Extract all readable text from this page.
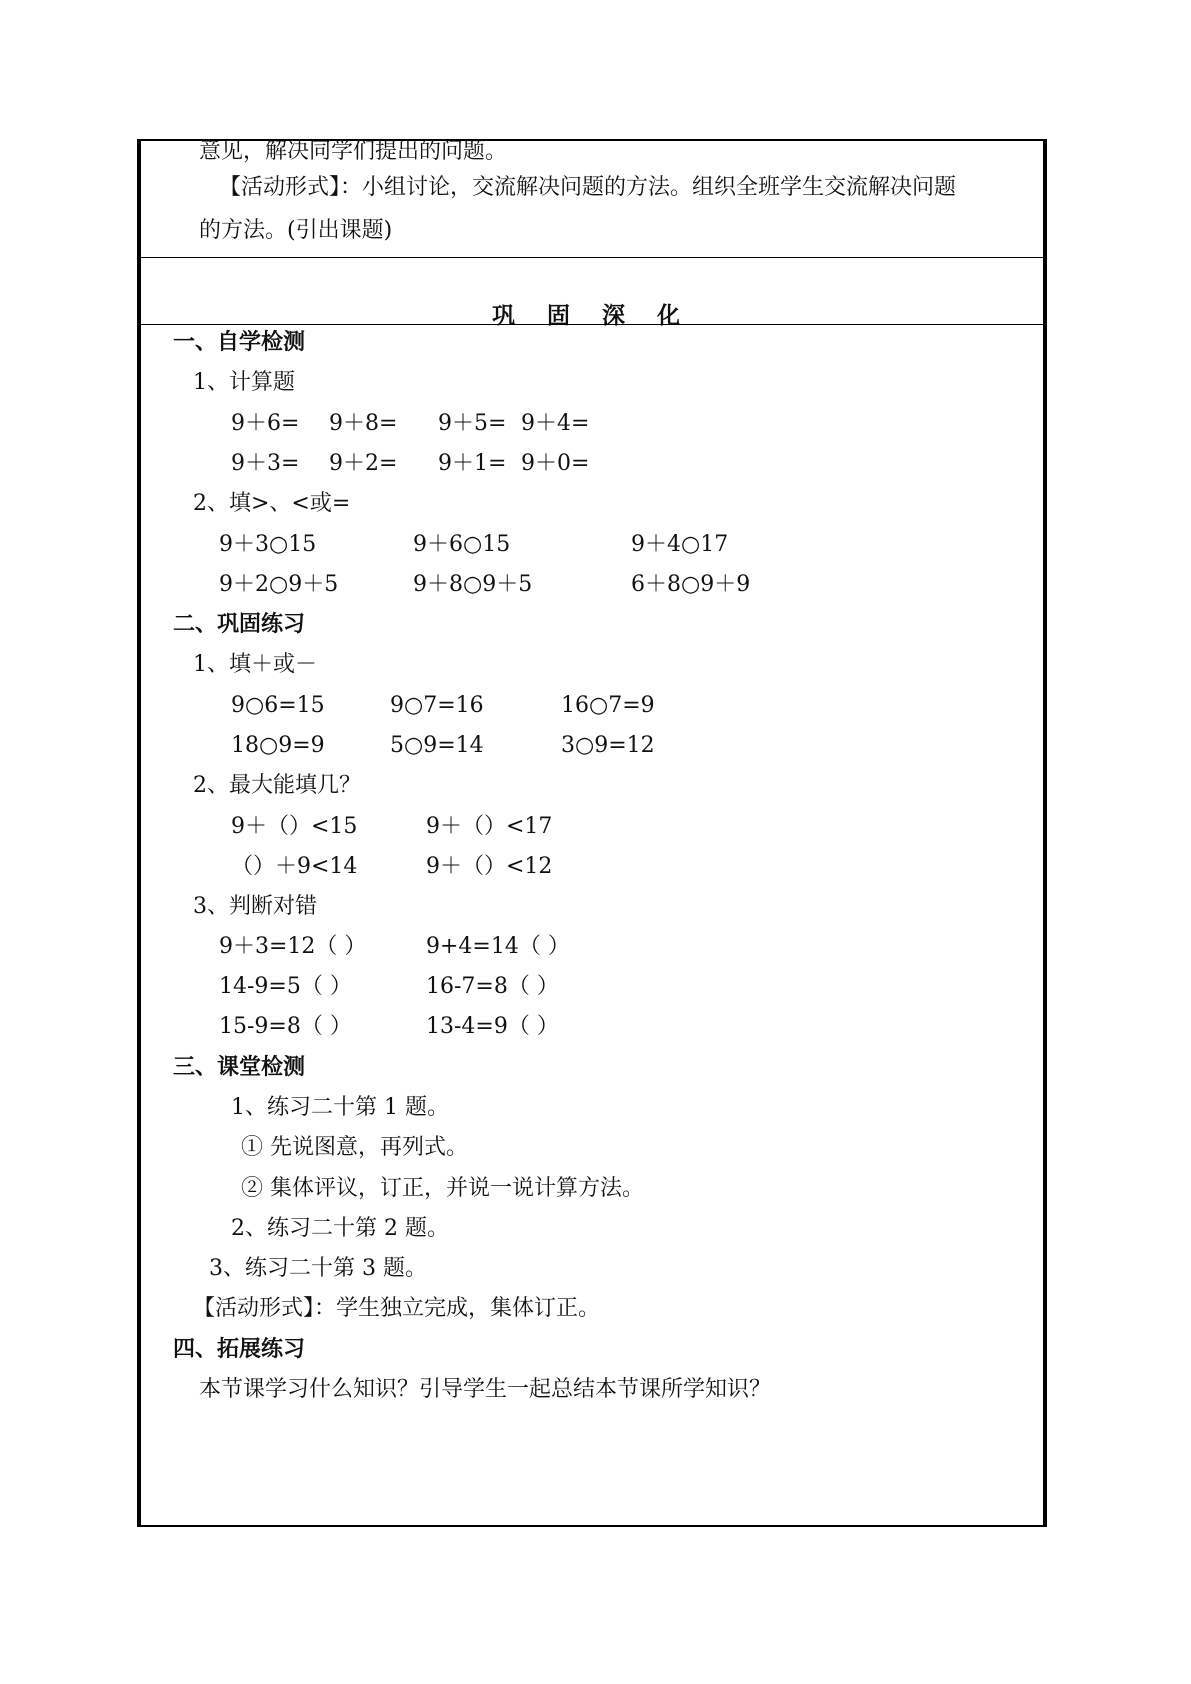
意见，解决同学们提出的问题。
【活动形式】：小组讨论，交流解决问题的方法。组织全班学生交流解决问题
的方法。(引出课题)
巩 固 深 化
一、自学检测
1、计算题
9＋6= 9＋8= 9＋5= 9＋4=
9＋3= 9＋2= 9＋1= 9＋0=
2、填>、<或=
9＋3○15	9＋6○15	9＋4○17
9＋2○9＋5	9＋8○9＋5	6＋8○9＋9
二、巩固练习
1、填＋或－
9○6=15	9○7=16	16○7=9
18○9=9	5○9=14	3○9=12
2、最大能填几？
9＋（）<15	9＋（）<17
（）＋9<14	9＋（）<12
3、判断对错
9＋3=12（ ）	9+4=14（ ）
14-9=5（ ）	16-7=8（ ）
15-9=8（ ）	13-4=9（ ）
三、课堂检测
1、练习二十第 1 题。
① 先说图意，再列式。
② 集体评议，订正，并说一说计算方法。
2、练习二十第 2 题。
3、练习二十第 3 题。
【活动形式】：学生独立完成，集体订正。
四、拓展练习
本节课学习什么知识？引导学生一起总结本节课所学知识？
